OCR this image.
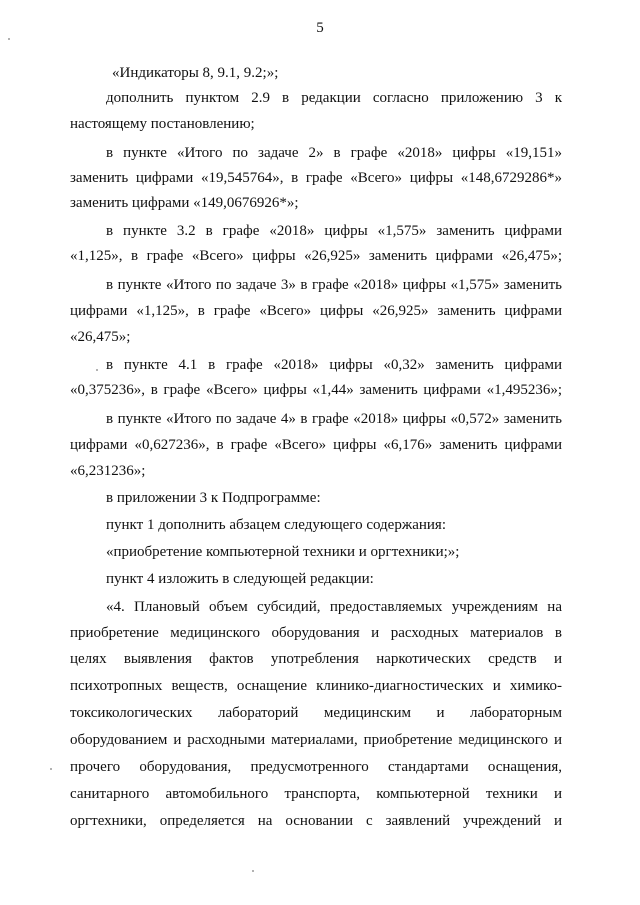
5
«Индикаторы 8, 9.1, 9.2;»;
дополнить пунктом 2.9 в редакции согласно приложению 3 к
настоящему постановлению;
в пункте «Итого по задаче 2» в графе «2018» цифры «19,151»
заменить цифрами «19,545764», в графе «Всего» цифры «148,6729286*»
заменить цифрами «149,0676926*»;
в пункте 3.2 в графе «2018» цифры «1,575» заменить цифрами
«1,125», в графе «Всего» цифры «26,925» заменить цифрами «26,475»;
в пункте «Итого по задаче 3» в графе «2018» цифры «1,575» заменить
цифрами «1,125», в графе «Всего» цифры «26,925» заменить цифрами
«26,475»;
в пункте 4.1 в графе «2018» цифры «0,32» заменить цифрами
«0,375236», в графе «Всего» цифры «1,44» заменить цифрами «1,495236»;
в пункте «Итого по задаче 4» в графе «2018» цифры «0,572» заменить
цифрами «0,627236», в графе «Всего» цифры «6,176» заменить цифрами
«6,231236»;
в приложении 3 к Подпрограмме:
пункт 1 дополнить абзацем следующего содержания:
«приобретение компьютерной техники и оргтехники;»;
пункт 4 изложить в следующей редакции:
«4. Плановый объем субсидий, предоставляемых учреждениям на
приобретение медицинского оборудования и расходных материалов в
целях выявления фактов употребления наркотических средств и
психотропных веществ, оснащение клинико-диагностических и химико-
токсикологических лабораторий медицинским и лабораторным
оборудованием и расходными материалами, приобретение медицинского и
прочего оборудования, предусмотренного стандартами оснащения,
санитарного автомобильного транспорта, компьютерной техники и
оргтехники, определяется на основании с заявлений учреждений и
